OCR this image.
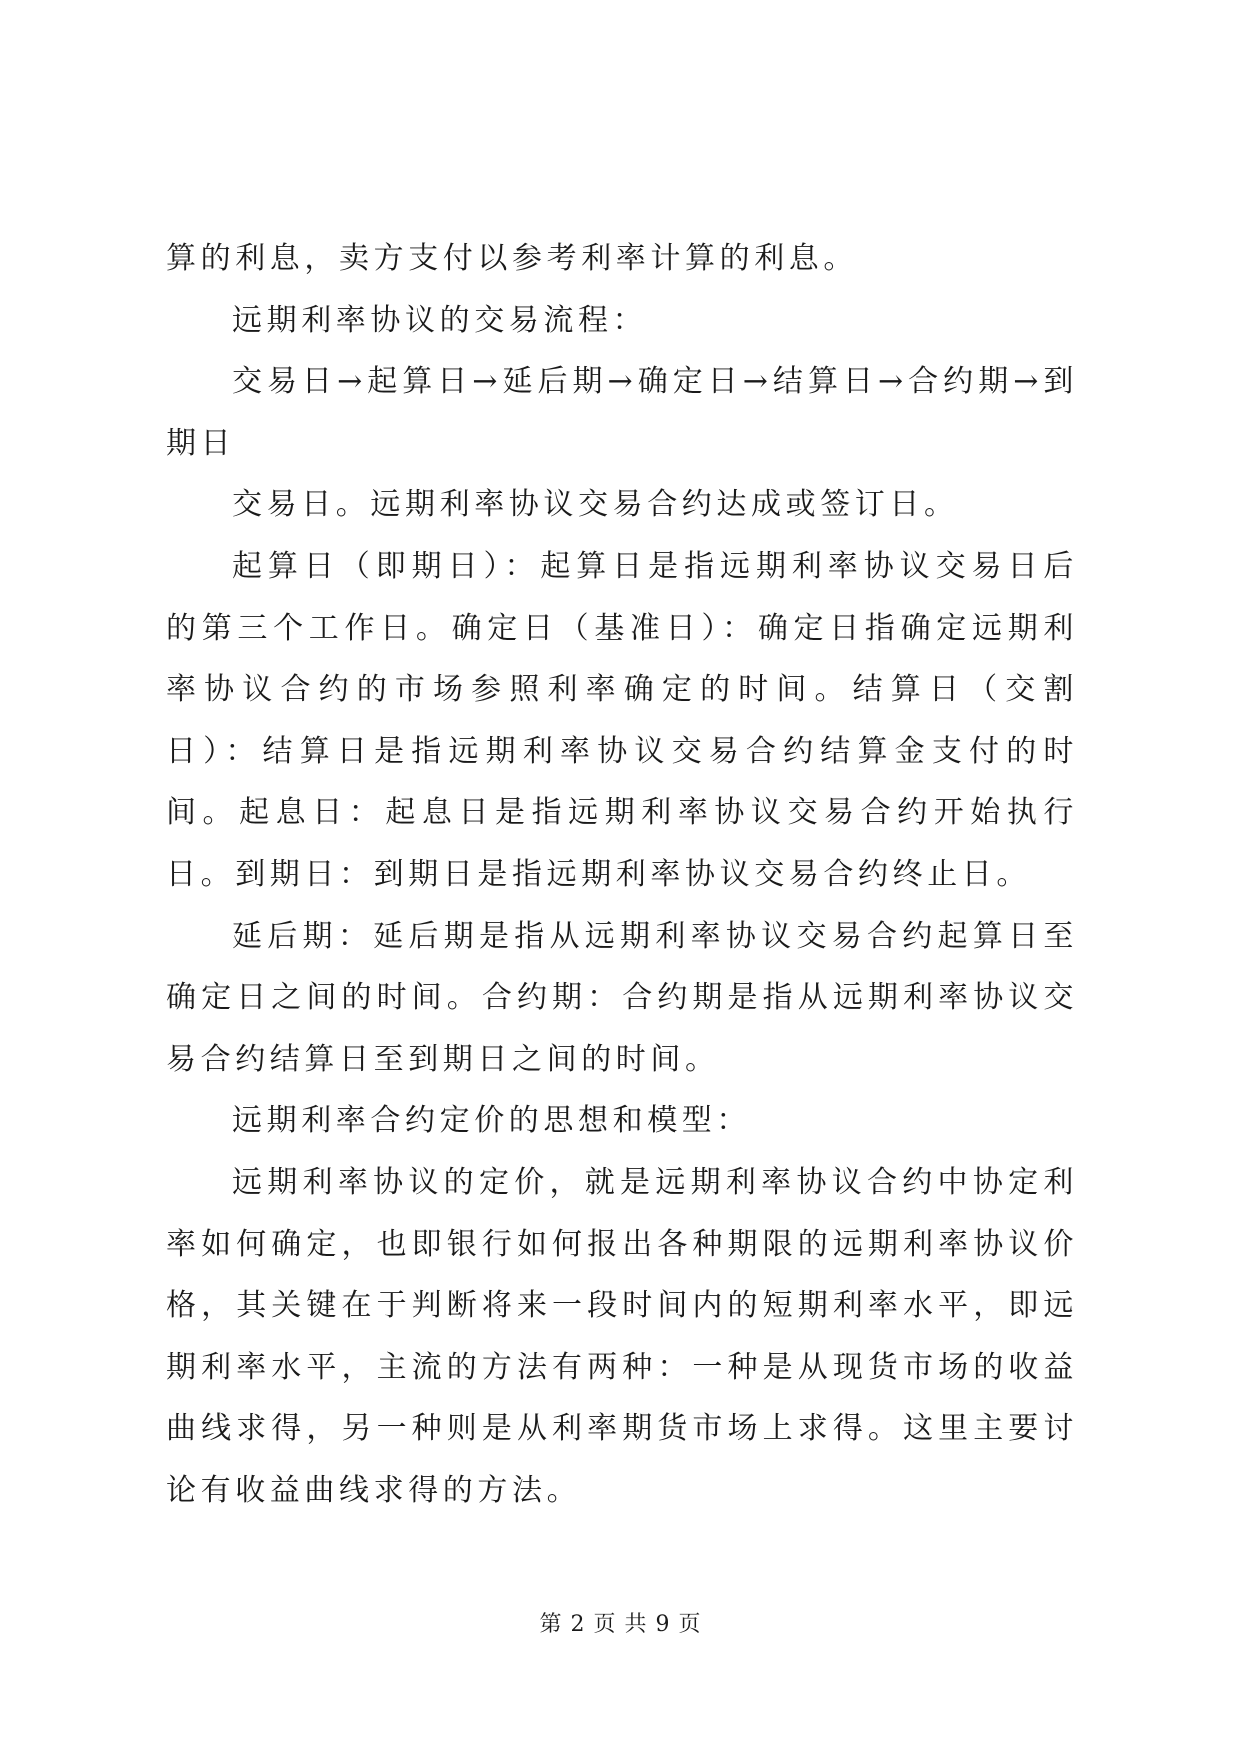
算的利息，卖方支付以参考利率计算的利息。

远期利率协议的交易流程：

交易日→起算日→延后期→确定日→结算日→合约期→到期日

交易日。远期利率协议交易合约达成或签订日。

起算日（即期日）：起算日是指远期利率协议交易日后的第三个工作日。确定日（基准日）：确定日指确定远期利率协议合约的市场参照利率确定的时间。结算日（交割日）：结算日是指远期利率协议交易合约结算金支付的时间。起息日：起息日是指远期利率协议交易合约开始执行日。到期日：到期日是指远期利率协议交易合约终止日。

延后期：延后期是指从远期利率协议交易合约起算日至确定日之间的时间。合约期：合约期是指从远期利率协议交易合约结算日至到期日之间的时间。

远期利率合约定价的思想和模型：

远期利率协议的定价，就是远期利率协议合约中协定利率如何确定，也即银行如何报出各种期限的远期利率协议价格，其关键在于判断将来一段时间内的短期利率水平，即远期利率水平，主流的方法有两种：一种是从现货市场的收益曲线求得，另一种则是从利率期货市场上求得。这里主要讨论有收益曲线求得的方法。

第 2 页 共 9 页
